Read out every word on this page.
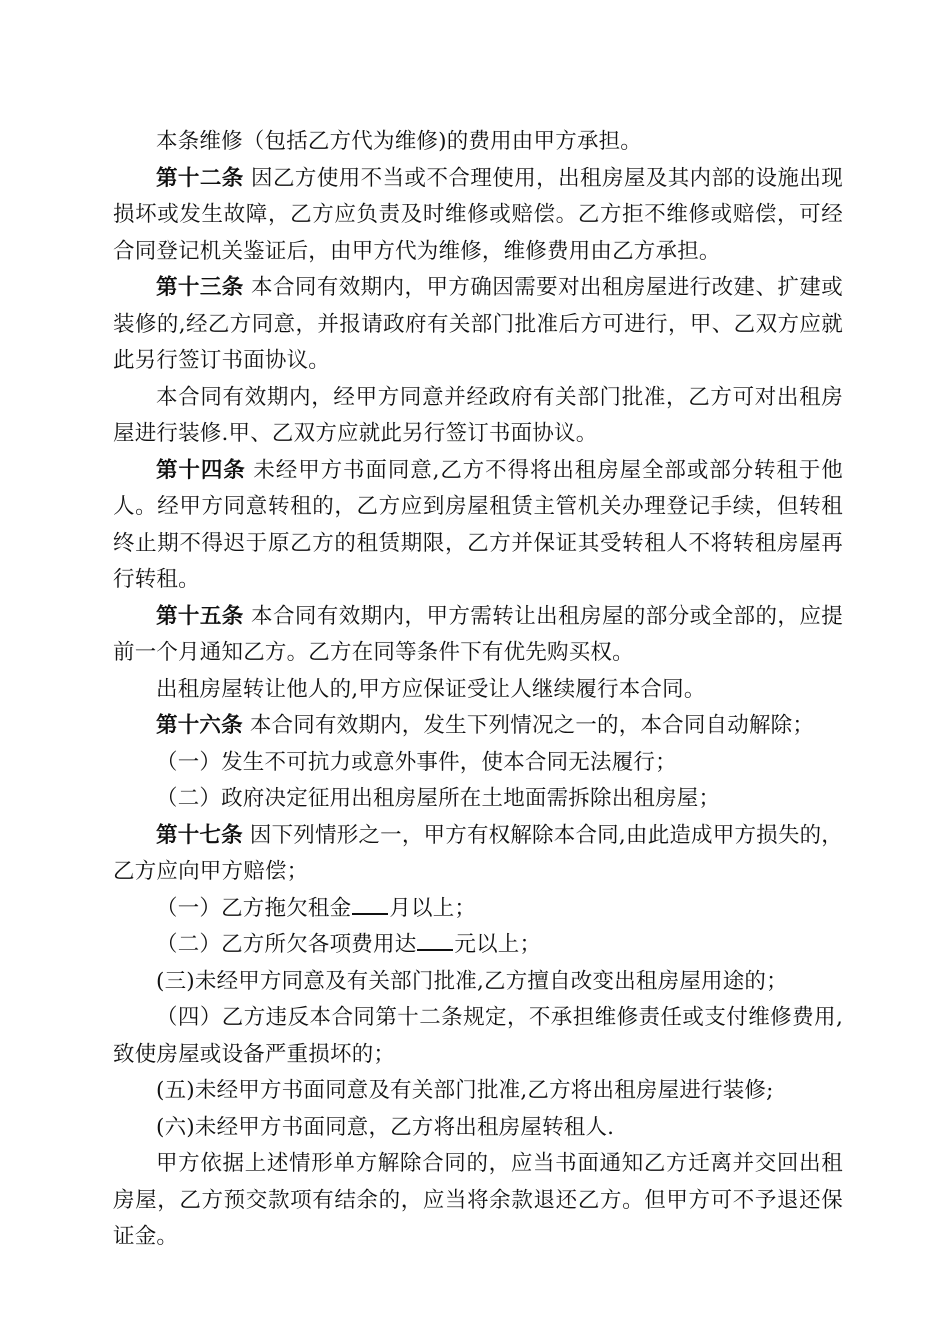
本条维修（包括乙方代为维修)的费用由甲方承担。

第十二条 因乙方使用不当或不合理使用，出租房屋及其内部的设施出现损坏或发生故障，乙方应负责及时维修或赔偿。乙方拒不维修或赔偿，可经合同登记机关鉴证后，由甲方代为维修，维修费用由乙方承担。

第十三条 本合同有效期内，甲方确因需要对出租房屋进行改建、扩建或装修的,经乙方同意，并报请政府有关部门批准后方可进行，甲、乙双方应就此另行签订书面协议。

本合同有效期内，经甲方同意并经政府有关部门批准，乙方可对出租房屋进行装修.甲、乙双方应就此另行签订书面协议。

第十四条 未经甲方书面同意,乙方不得将出租房屋全部或部分转租于他人。经甲方同意转租的，乙方应到房屋租赁主管机关办理登记手续，但转租终止期不得迟于原乙方的租赁期限，乙方并保证其受转租人不将转租房屋再行转租。

第十五条 本合同有效期内，甲方需转让出租房屋的部分或全部的，应提前一个月通知乙方。乙方在同等条件下有优先购买权。

出租房屋转让他人的,甲方应保证受让人继续履行本合同。

第十六条 本合同有效期内，发生下列情况之一的，本合同自动解除；

（一）发生不可抗力或意外事件，使本合同无法履行；

（二）政府决定征用出租房屋所在土地面需拆除出租房屋；

第十七条 因下列情形之一，甲方有权解除本合同,由此造成甲方损失的，乙方应向甲方赔偿；

（一）乙方拖欠租金 月以上；

（二）乙方所欠各项费用达 元以上；

(三)未经甲方同意及有关部门批准,乙方擅自改变出租房屋用途的；

（四）乙方违反本合同第十二条规定，不承担维修责任或支付维修费用,致使房屋或设备严重损坏的；

(五)未经甲方书面同意及有关部门批准,乙方将出租房屋进行装修;

(六)未经甲方书面同意，乙方将出租房屋转租人.

甲方依据上述情形单方解除合同的，应当书面通知乙方迁离并交回出租房屋，乙方预交款项有结余的，应当将余款退还乙方。但甲方可不予退还保证金。
